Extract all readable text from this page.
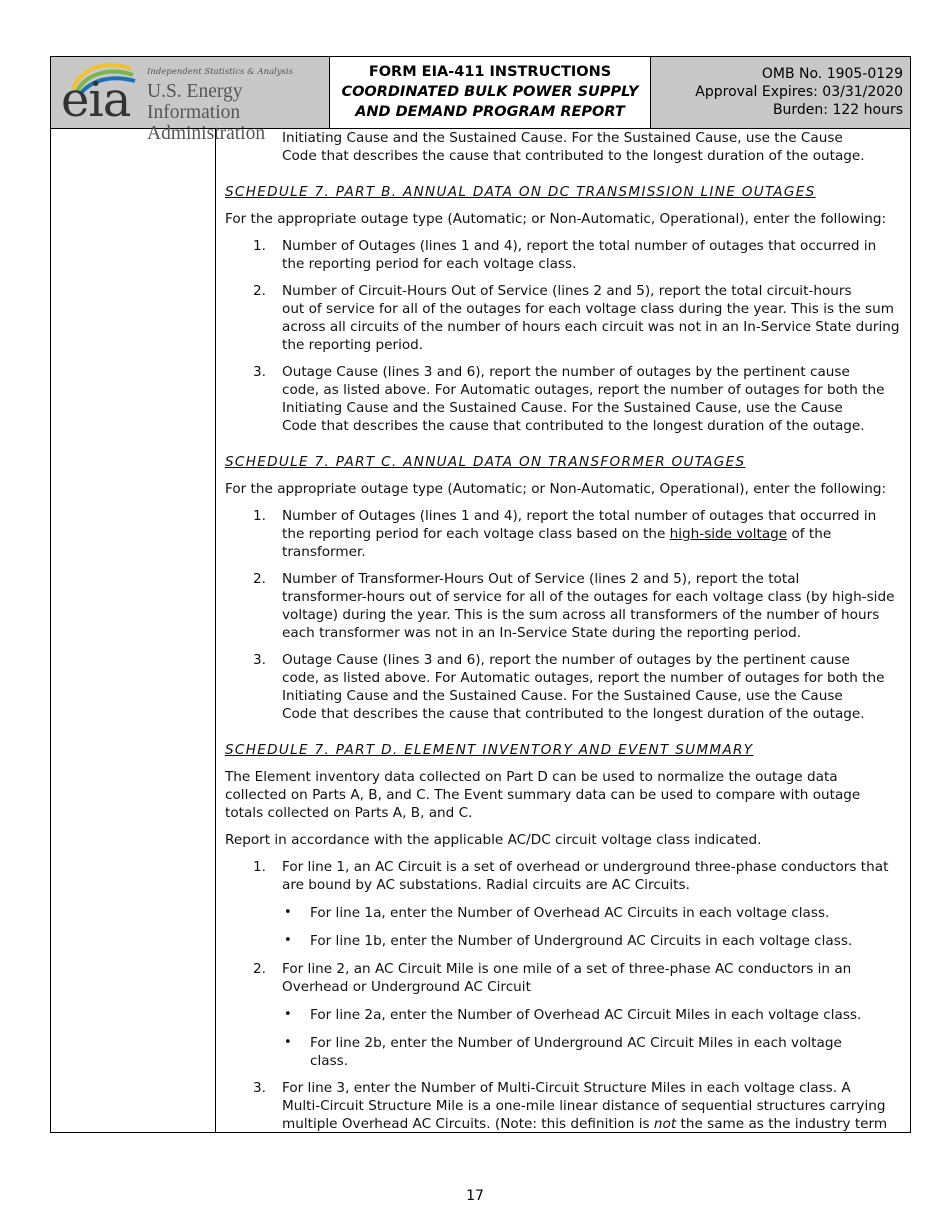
eia Independent Statistics & Analysis
U.S. Energy Information
Administration
FORM EIA-411 INSTRUCTIONS
COORDINATED BULK POWER SUPPLY
AND DEMAND PROGRAM REPORT
OMB No. 1905-0129
Approval Expires: 03/31/2020
Burden: 122 hours
Initiating Cause and the Sustained Cause. For the Sustained Cause, use the Cause
Code that describes the cause that contributed to the longest duration of the outage.
SCHEDULE 7. PART B. ANNUAL DATA ON DC TRANSMISSION LINE OUTAGES
For the appropriate outage type (Automatic; or Non-Automatic, Operational), enter the following:
1. Number of Outages (lines 1 and 4), report the total number of outages that occurred in
the reporting period for each voltage class.
2. Number of Circuit-Hours Out of Service (lines 2 and 5), report the total circuit-hours
out of service for all of the outages for each voltage class during the year. This is the sum
across all circuits of the number of hours each circuit was not in an In-Service State during
the reporting period.
3. Outage Cause (lines 3 and 6), report the number of outages by the pertinent cause
code, as listed above. For Automatic outages, report the number of outages for both the
Initiating Cause and the Sustained Cause. For the Sustained Cause, use the Cause
Code that describes the cause that contributed to the longest duration of the outage.
SCHEDULE 7. PART C. ANNUAL DATA ON TRANSFORMER OUTAGES
For the appropriate outage type (Automatic; or Non-Automatic, Operational), enter the following:
1. Number of Outages (lines 1 and 4), report the total number of outages that occurred in
the reporting period for each voltage class based on the high-side voltage of the
transformer.
2. Number of Transformer-Hours Out of Service (lines 2 and 5), report the total
transformer-hours out of service for all of the outages for each voltage class (by high-side
voltage) during the year. This is the sum across all transformers of the number of hours
each transformer was not in an In-Service State during the reporting period.
3. Outage Cause (lines 3 and 6), report the number of outages by the pertinent cause
code, as listed above. For Automatic outages, report the number of outages for both the
Initiating Cause and the Sustained Cause. For the Sustained Cause, use the Cause
Code that describes the cause that contributed to the longest duration of the outage.
SCHEDULE 7. PART D. ELEMENT INVENTORY AND EVENT SUMMARY
The Element inventory data collected on Part D can be used to normalize the outage data
collected on Parts A, B, and C. The Event summary data can be used to compare with outage
totals collected on Parts A, B, and C.
Report in accordance with the applicable AC/DC circuit voltage class indicated.
1. For line 1, an AC Circuit is a set of overhead or underground three-phase conductors that
are bound by AC substations. Radial circuits are AC Circuits.
• For line 1a, enter the Number of Overhead AC Circuits in each voltage class.
• For line 1b, enter the Number of Underground AC Circuits in each voltage class.
2. For line 2, an AC Circuit Mile is one mile of a set of three-phase AC conductors in an
Overhead or Underground AC Circuit
• For line 2a, enter the Number of Overhead AC Circuit Miles in each voltage class.
• For line 2b, enter the Number of Underground AC Circuit Miles in each voltage
class.
3. For line 3, enter the Number of Multi-Circuit Structure Miles in each voltage class. A
Multi-Circuit Structure Mile is a one-mile linear distance of sequential structures carrying
multiple Overhead AC Circuits. (Note: this definition is not the same as the industry term
17
